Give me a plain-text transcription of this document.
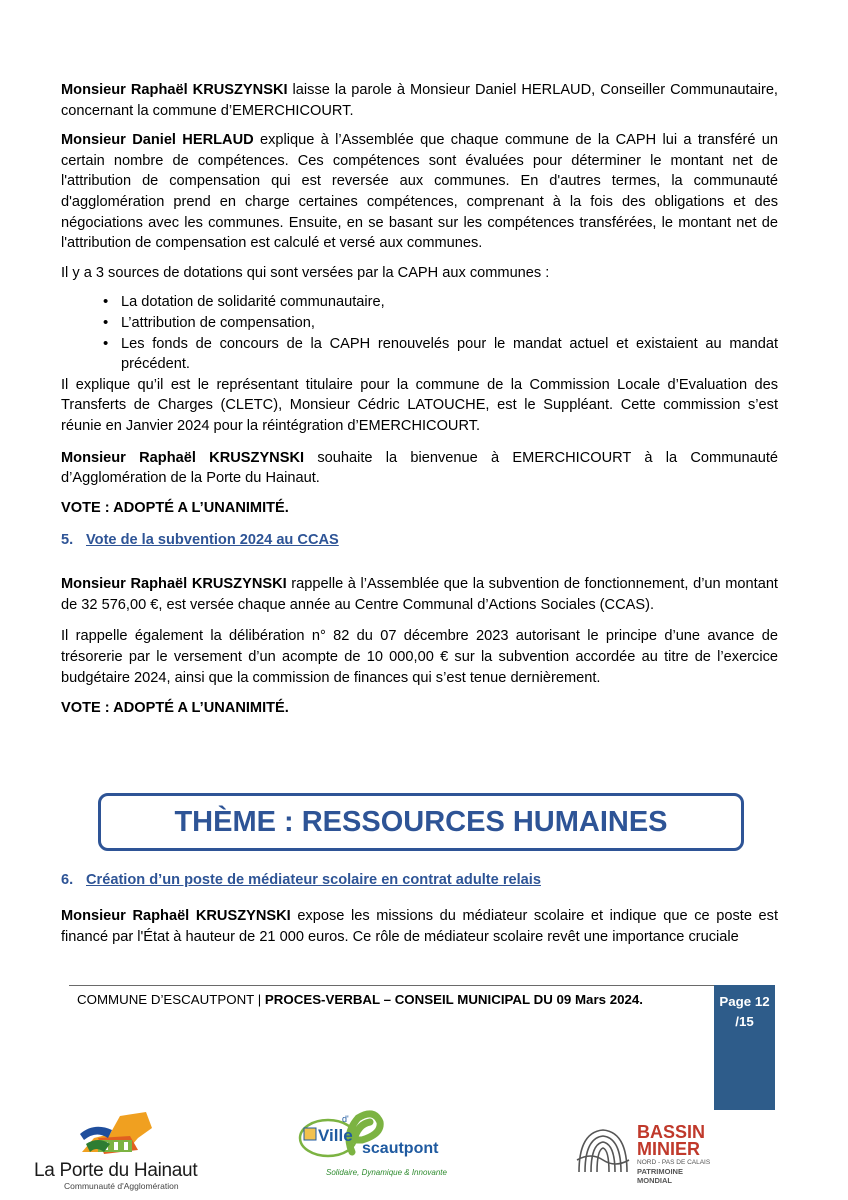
Monsieur Raphaël KRUSZYNSKI laisse la parole à Monsieur Daniel HERLAUD, Conseiller Communautaire, concernant la commune d’EMERCHICOURT.

Monsieur Daniel HERLAUD explique à l’Assemblée que chaque commune de la CAPH lui a transféré un certain nombre de compétences. Ces compétences sont évaluées pour déterminer le montant net de l'attribution de compensation qui est reversée aux communes. En d'autres termes, la communauté d'agglomération prend en charge certaines compétences, comprenant à la fois des obligations et des négociations avec les communes. Ensuite, en se basant sur les compétences transférées, le montant net de l'attribution de compensation est calculé et versé aux communes.

Il y a 3 sources de dotations qui sont versées par la CAPH aux communes :

• La dotation de solidarité communautaire,
• L’attribution de compensation,
• Les fonds de concours de la CAPH renouvelés pour le mandat actuel et existaient au mandat précédent.

Il explique qu’il est le représentant titulaire pour la commune de la Commission Locale d’Evaluation des Transferts de Charges (CLETC), Monsieur Cédric LATOUCHE, est le Suppléant. Cette commission s’est réunie en Janvier 2024 pour la réintégration d’EMERCHICOURT.

Monsieur Raphaël KRUSZYNSKI souhaite la bienvenue à EMERCHICOURT à la Communauté d’Agglomération de la Porte du Hainaut.

VOTE : ADOPTÉ A L’UNANIMITÉ.

5. Vote de la subvention 2024 au CCAS

Monsieur Raphaël KRUSZYNSKI rappelle à l’Assemblée que la subvention de fonctionnement, d’un montant de 32 576,00 €, est versée chaque année au Centre Communal d’Actions Sociales (CCAS).

Il rappelle également la délibération n° 82 du 07 décembre 2023 autorisant le principe d’une avance de trésorerie par le versement d’un acompte de 10 000,00 € sur la subvention accordée au titre de l’exercice budgétaire 2024, ainsi que la commission de finances qui s’est tenue dernièrement.

VOTE : ADOPTÉ A L’UNANIMITÉ.

THÈME : RESSOURCES HUMAINES
6. Création d’un poste de médiateur scolaire en contrat adulte relais

Monsieur Raphaël KRUSZYNSKI expose les missions du médiateur scolaire et indique que ce poste est financé par l'État à hauteur de 21 000 euros. Ce rôle de médiateur scolaire revêt une importance cruciale

COMMUNE D’ESCAUTPONT | PROCES-VERBAL – CONSEIL MUNICIPAL DU 09 Mars 2024.	Page 12
/15
La Porte du Hainaut
Communauté d'Agglomération
d'
Ville
scautpont
Solidaire, Dynamique & Innovante
BASSIN
MINIER
NORD - PAS DE CALAIS
PATRIMOINE MONDIAL
